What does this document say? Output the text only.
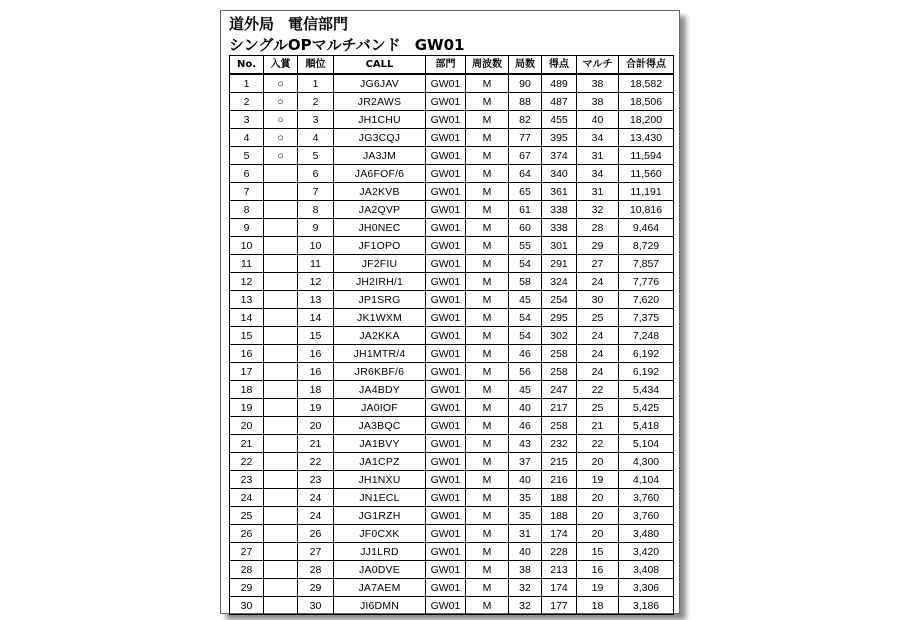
道外局 電信部門
シングルOPマルチバンド GW01
No.	入賞	順位	CALL	部門	周波数	局数	得点	マルチ	合計得点
1	○	1	JG6JAV	GW01	M	90	489	38	18,582
2	○	2	JR2AWS	GW01	M	88	487	38	18,506
3	○	3	JH1CHU	GW01	M	82	455	40	18,200
4	○	4	JG3CQJ	GW01	M	77	395	34	13,430
5	○	5	JA3JM	GW01	M	67	374	31	11,594
6		6	JA6FOF/6	GW01	M	64	340	34	11,560
7		7	JA2KVB	GW01	M	65	361	31	11,191
8		8	JA2QVP	GW01	M	61	338	32	10,816
9		9	JH0NEC	GW01	M	60	338	28	9,464
10		10	JF1OPO	GW01	M	55	301	29	8,729
11		11	JF2FIU	GW01	M	54	291	27	7,857
12		12	JH2IRH/1	GW01	M	58	324	24	7,776
13		13	JP1SRG	GW01	M	45	254	30	7,620
14		14	JK1WXM	GW01	M	54	295	25	7,375
15		15	JA2KKA	GW01	M	54	302	24	7,248
16		16	JH1MTR/4	GW01	M	46	258	24	6,192
17		16	JR6KBF/6	GW01	M	56	258	24	6,192
18		18	JA4BDY	GW01	M	45	247	22	5,434
19		19	JA0IOF	GW01	M	40	217	25	5,425
20		20	JA3BQC	GW01	M	46	258	21	5,418
21		21	JA1BVY	GW01	M	43	232	22	5,104
22		22	JA1CPZ	GW01	M	37	215	20	4,300
23		23	JH1NXU	GW01	M	40	216	19	4,104
24		24	JN1ECL	GW01	M	35	188	20	3,760
25		24	JG1RZH	GW01	M	35	188	20	3,760
26		26	JF0CXK	GW01	M	31	174	20	3,480
27		27	JJ1LRD	GW01	M	40	228	15	3,420
28		28	JA0DVE	GW01	M	38	213	16	3,408
29		29	JA7AEM	GW01	M	32	174	19	3,306
30		30	JI6DMN	GW01	M	32	177	18	3,186
